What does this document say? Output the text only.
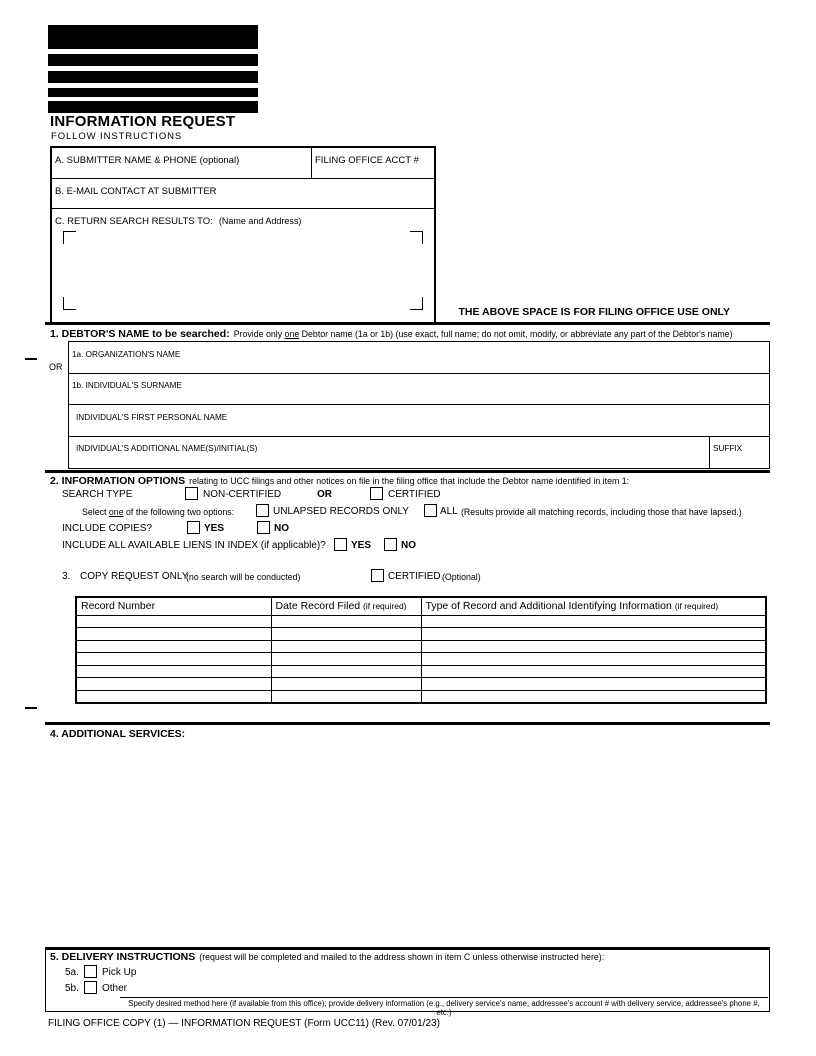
INFORMATION REQUEST
FOLLOW INSTRUCTIONS
A. SUBMITTER NAME & PHONE (optional)	FILING OFFICE ACCT #
B. E-MAIL CONTACT AT SUBMITTER
C. RETURN SEARCH RESULTS TO: (Name and Address)
THE ABOVE SPACE IS FOR FILING OFFICE USE ONLY
1. DEBTOR'S NAME to be searched: Provide only one Debtor name (1a or 1b) (use exact, full name; do not omit, modify, or abbreviate any part of the Debtor's name)
OR
1a. ORGANIZATION'S NAME
1b. INDIVIDUAL'S SURNAME
INDIVIDUAL'S FIRST PERSONAL NAME
INDIVIDUAL'S ADDITIONAL NAME(S)/INITIAL(S)	SUFFIX
2. INFORMATION OPTIONS relating to UCC filings and other notices on file in the filing office that include the Debtor name identified in item 1:
SEARCH TYPE	NON-CERTIFIED	OR	CERTIFIED
Select one of the following two options:	UNLAPSED RECORDS ONLY	ALL (Results provide all matching records, including those that have lapsed.)
INCLUDE COPIES?	YES	NO
INCLUDE ALL AVAILABLE LIENS IN INDEX (if applicable)?	YES	NO
3. COPY REQUEST ONLY
(no search will be conducted)	CERTIFIED (Optional)
Record Number	Date Record Filed (if required)	Type of Record and Additional Identifying Information (if required)

4. ADDITIONAL SERVICES:
5. DELIVERY INSTRUCTIONS (request will be completed and mailed to the address shown in item C unless otherwise instructed here):
5a. Pick Up
5b. Other
Specify desired method here (if available from this office); provide delivery information (e.g., delivery service's name, addressee's account # with delivery service, addressee's phone #, etc.)
FILING OFFICE COPY (1) — INFORMATION REQUEST (Form UCC11) (Rev. 07/01/23)
